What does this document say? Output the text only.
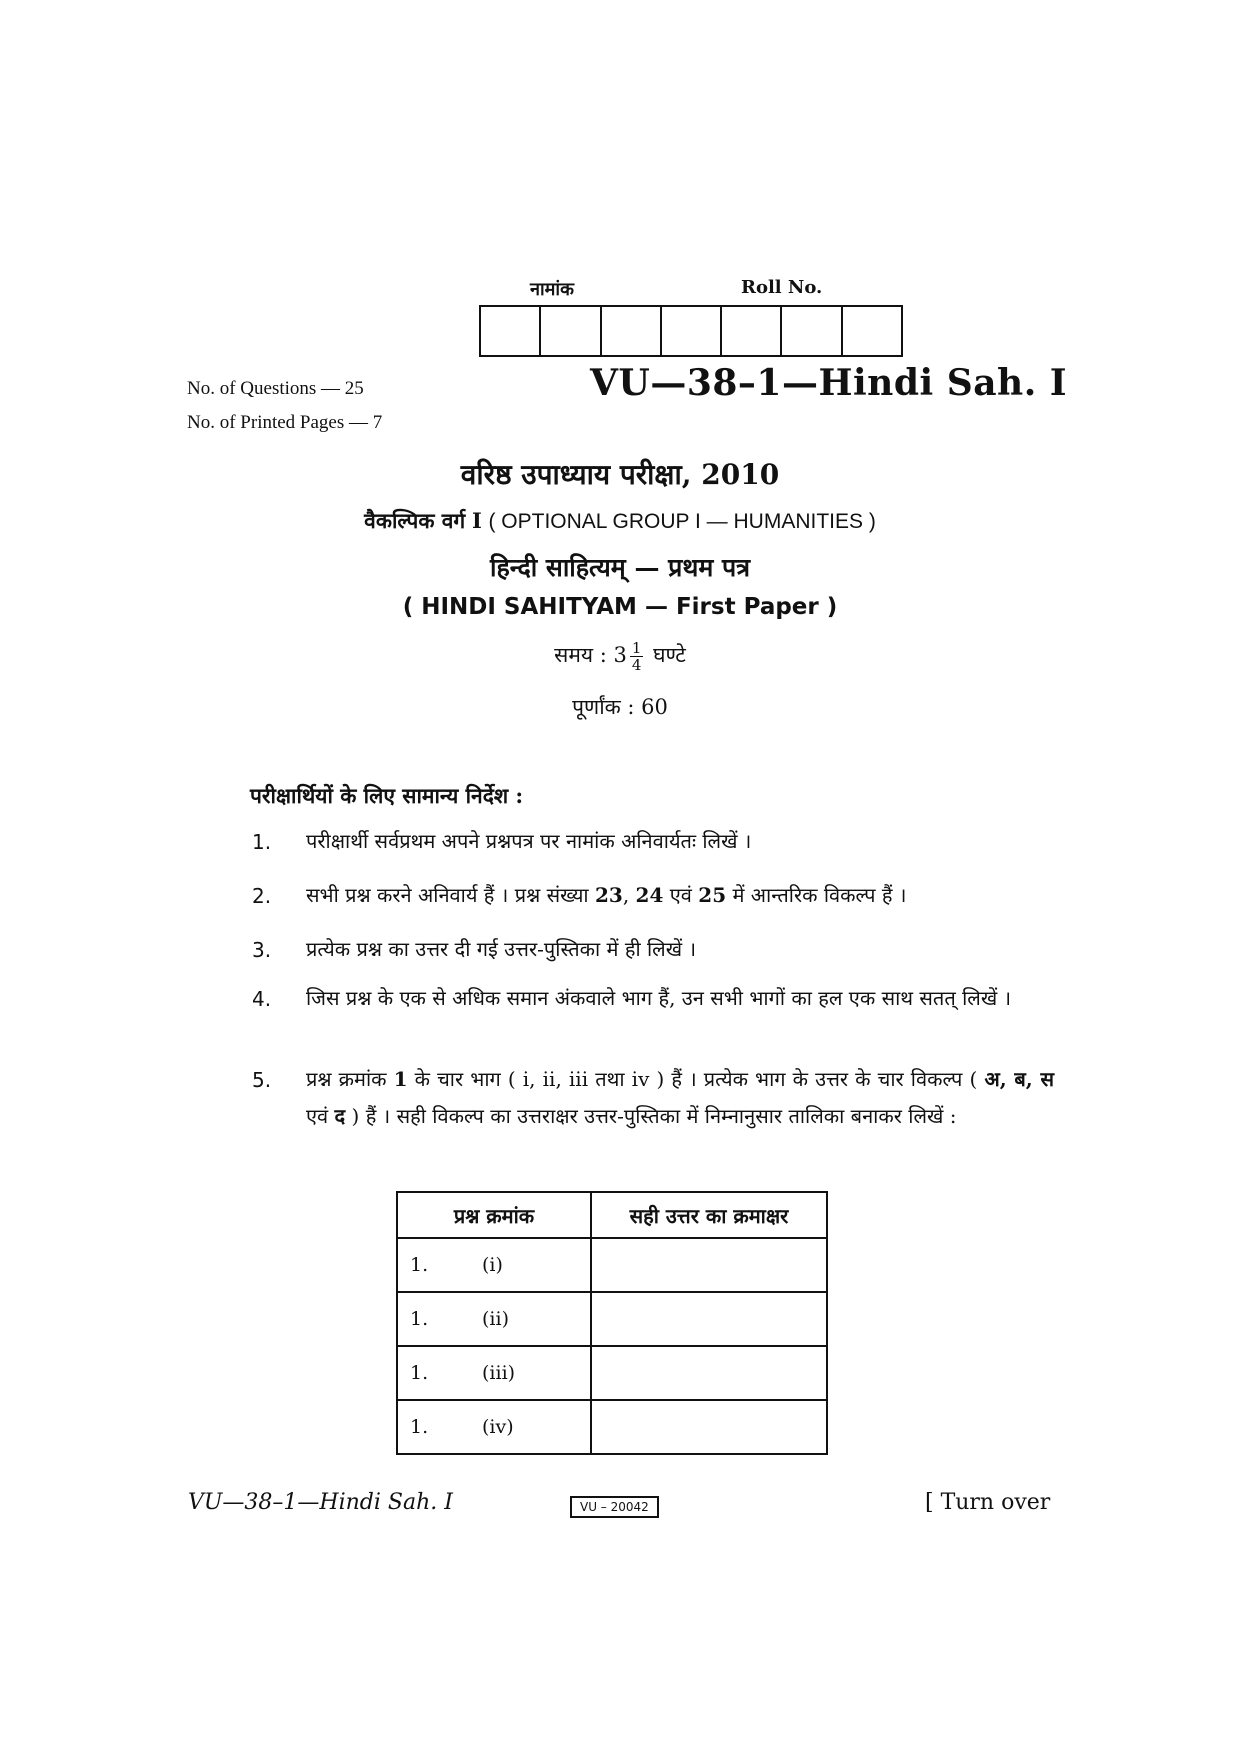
नामांक	Roll No.
No. of Questions — 25
No. of Printed Pages — 7
VU—38–1—Hindi Sah. I
वरिष्ठ उपाध्याय परीक्षा, 2010
वैकल्पिक वर्ग I ( OPTIONAL GROUP I — HUMANITIES )
हिन्दी साहित्यम् — प्रथम पत्र
( HINDI SAHITYAM — First Paper )
समय : $3 \frac{1}{4}$ घण्टे
पूर्णांक : 60
परीक्षार्थियों के लिए सामान्य निर्देश :
1. परीक्षार्थी सर्वप्रथम अपने प्रश्नपत्र पर नामांक अनिवार्यतः लिखें ।
2. सभी प्रश्न करने अनिवार्य हैं । प्रश्न संख्या 23, 24 एवं 25 में आन्तरिक विकल्प हैं ।
3. प्रत्येक प्रश्न का उत्तर दी गई उत्तर-पुस्तिका में ही लिखें ।
4. जिस प्रश्न के एक से अधिक समान अंकवाले भाग हैं, उन सभी भागों का हल एक साथ सतत् लिखें ।
5. प्रश्न क्रमांक 1 के चार भाग ( i, ii, iii तथा iv ) हैं । प्रत्येक भाग के उत्तर के चार विकल्प ( अ, ब, स एवं द ) हैं । सही विकल्प का उत्तराक्षर उत्तर-पुस्तिका में निम्नानुसार तालिका बनाकर लिखें :
प्रश्न क्रमांक	सही उत्तर का क्रमाक्षर
1. (i)	
1. (ii)	
1. (iii)	
1. (iv)	
VU—38–1—Hindi Sah. I	VU – 20042	[ Turn over
